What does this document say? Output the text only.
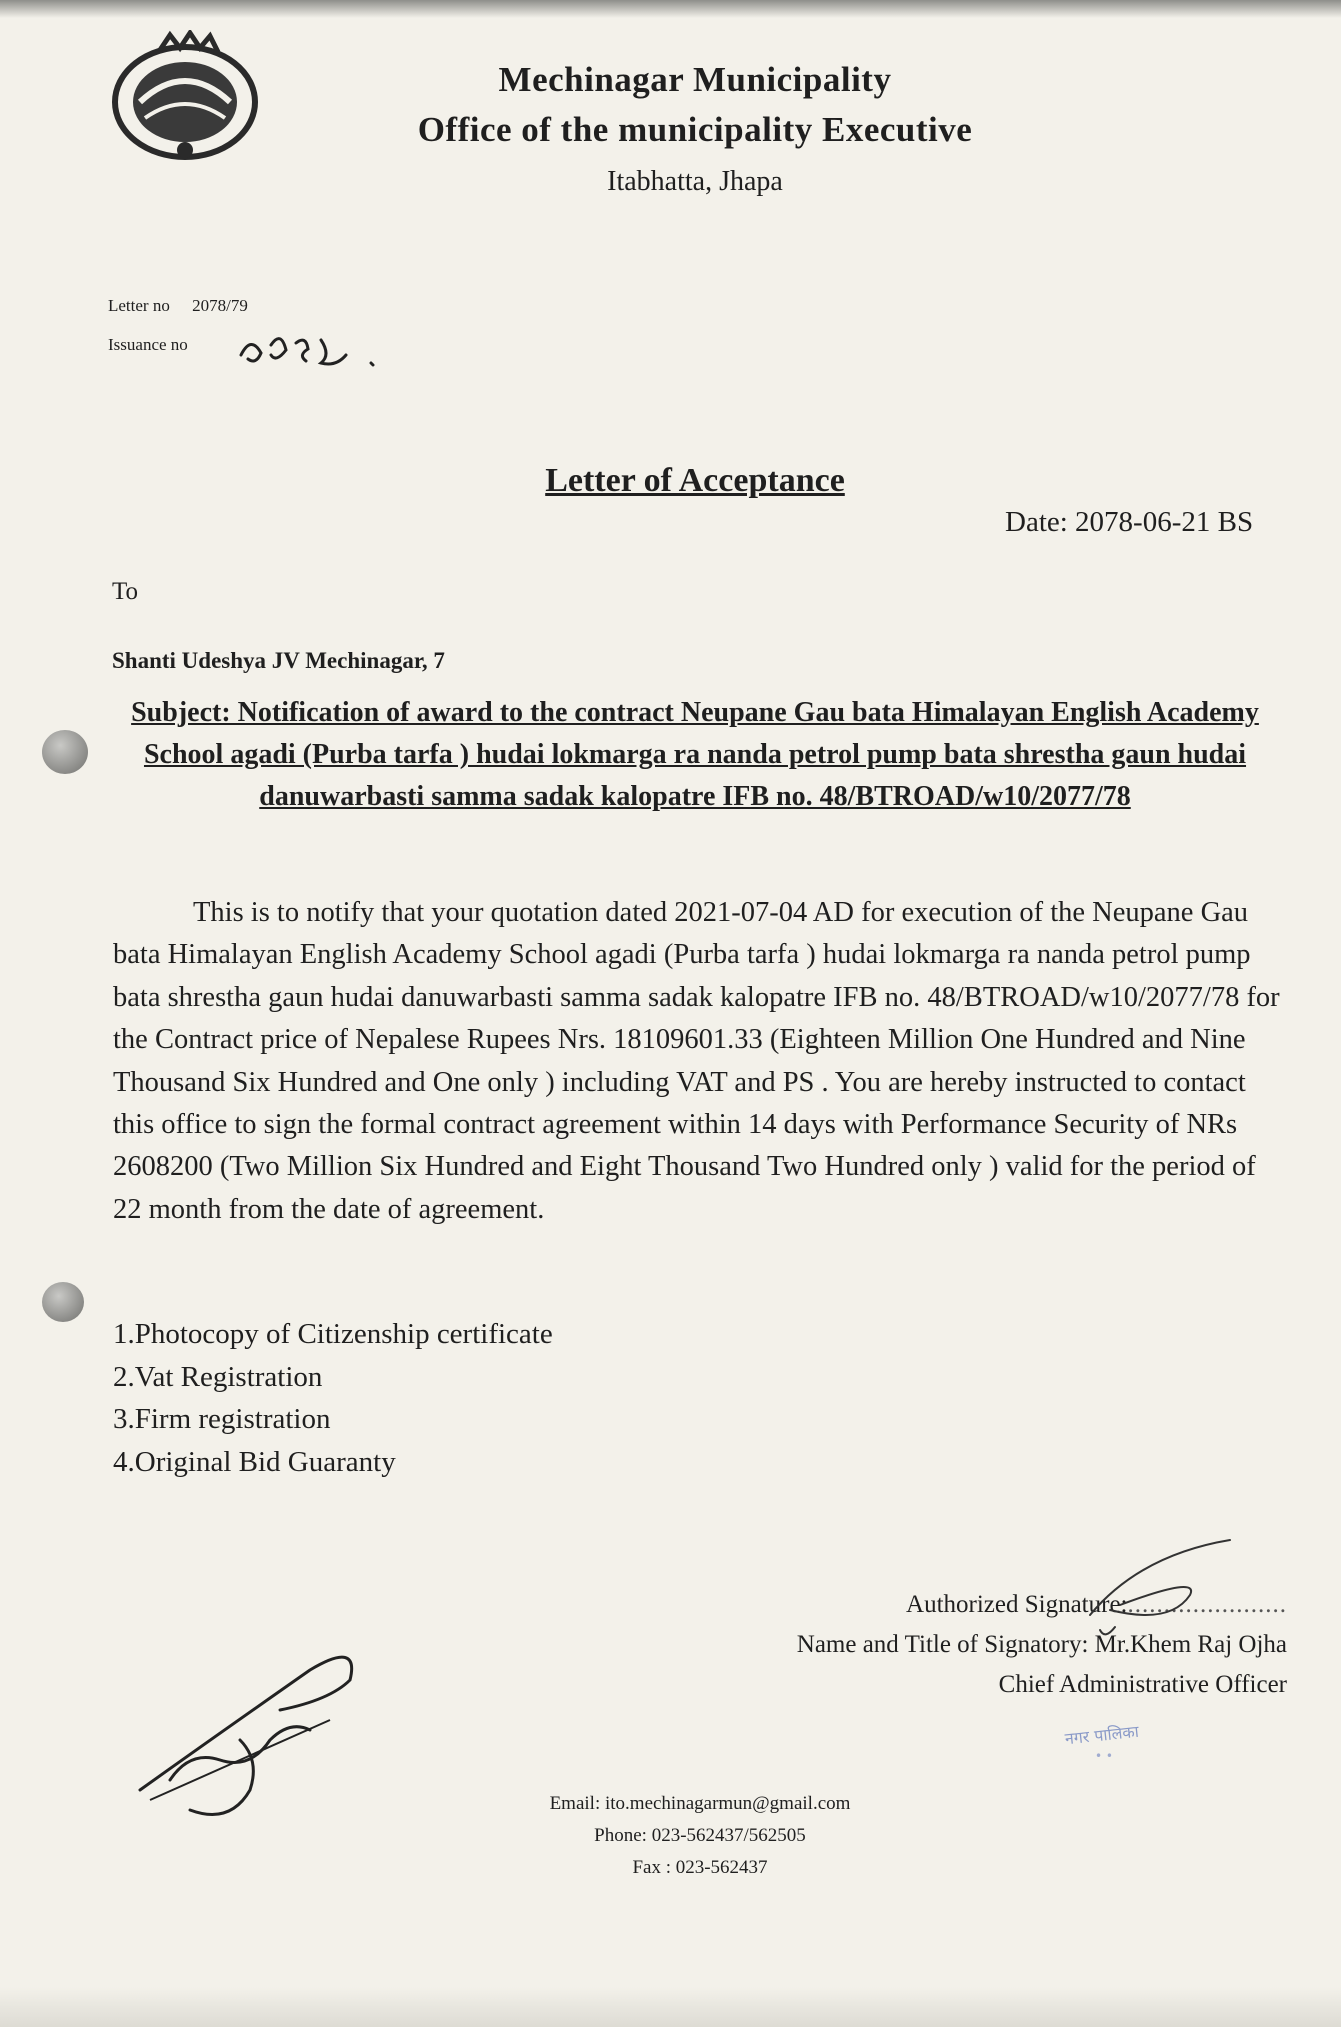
Mechinagar Municipality
Office of the municipality Executive
Itabhatta, Jhapa
Letter no 2078/79
Issuance no
Letter of Acceptance
Date: 2078-06-21 BS
To
Shanti Udeshya JV Mechinagar, 7
Subject: Notification of award to the contract Neupane Gau bata Himalayan English Academy School agadi (Purba tarfa ) hudai lokmarga ra nanda petrol pump bata shrestha gaun hudai danuwarbasti samma sadak kalopatre IFB no. 48/BTROAD/w10/2077/78
This is to notify that your quotation dated 2021-07-04 AD for execution of the Neupane Gau bata Himalayan English Academy School agadi (Purba tarfa ) hudai lokmarga ra nanda petrol pump bata shrestha gaun hudai danuwarbasti samma sadak kalopatre IFB no. 48/BTROAD/w10/2077/78 for the Contract price of Nepalese Rupees Nrs. 18109601.33 (Eighteen Million One Hundred and Nine Thousand Six Hundred and One only ) including VAT and PS . You are hereby instructed to contact this office to sign the formal contract agreement within 14 days with Performance Security of NRs 2608200 (Two Million Six Hundred and Eight Thousand Two Hundred only ) valid for the period of 22 month from the date of agreement.
1.Photocopy of Citizenship certificate
2.Vat Registration
3.Firm registration
4.Original Bid Guaranty
Authorized Signature:......................
Name and Title of Signatory: Mr.Khem Raj Ojha
Chief Administrative Officer
नगर पालिका
• •
Email: ito.mechinagarmun@gmail.com
Phone: 023-562437/562505
Fax : 023-562437
